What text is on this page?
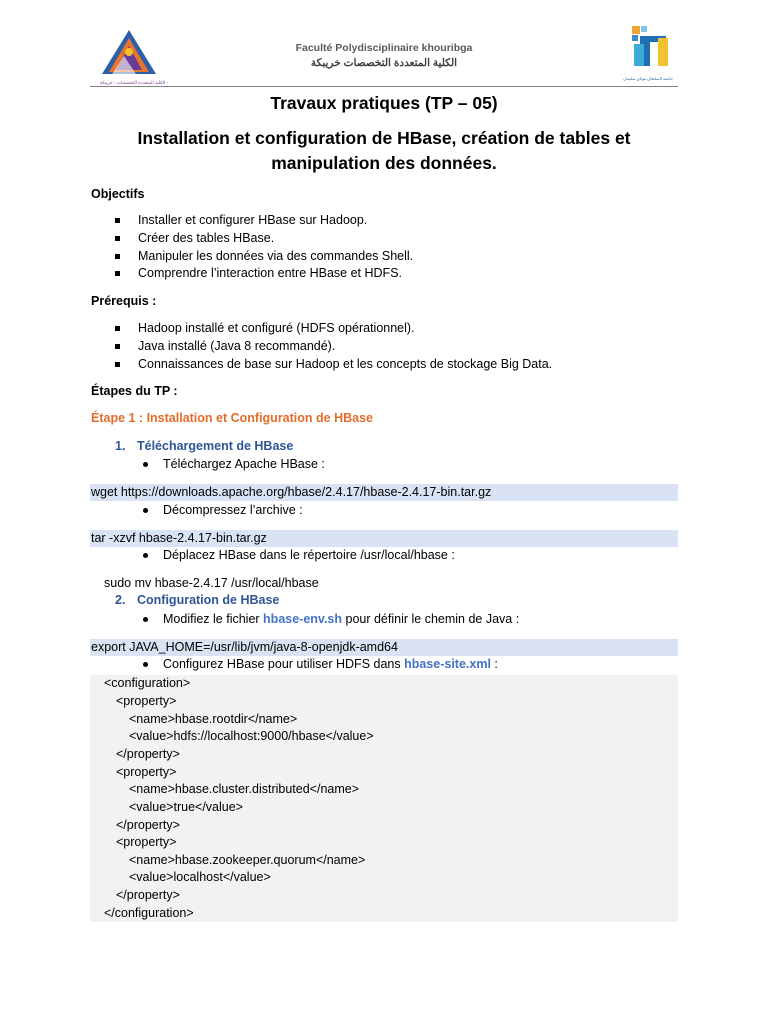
الكلية المتعددة التخصصات - خريبكة -
Faculté Polydisciplinaire khouribga
الكلية المتعددة التخصصات خريبكة
جامعة السلطان مولاي سليمان
Travaux pratiques (TP – 05)
Installation et configuration de HBase, création de tables et
manipulation des données.
Objectifs
Installer et configurer HBase sur Hadoop.
Créer des tables HBase.
Manipuler les données via des commandes Shell.
Comprendre l’interaction entre HBase et HDFS.
Prérequis :
Hadoop installé et configuré (HDFS opérationnel).
Java installé (Java 8 recommandé).
Connaissances de base sur Hadoop et les concepts de stockage Big Data.
Étapes du TP :
Étape 1 : Installation et Configuration de HBase
1. Téléchargement de HBase
Téléchargez Apache HBase :
wget https://downloads.apache.org/hbase/2.4.17/hbase-2.4.17-bin.tar.gz
Décompressez l’archive :
tar -xzvf hbase-2.4.17-bin.tar.gz
Déplacez HBase dans le répertoire /usr/local/hbase :
sudo mv hbase-2.4.17 /usr/local/hbase
2. Configuration de HBase
Modifiez le fichier hbase-env.sh pour définir le chemin de Java :
export JAVA_HOME=/usr/lib/jvm/java-8-openjdk-amd64
Configurez HBase pour utiliser HDFS dans hbase-site.xml :
<configuration>
<property>
<name>hbase.rootdir</name>
<value>hdfs://localhost:9000/hbase</value>
</property>
<property>
<name>hbase.cluster.distributed</name>
<value>true</value>
</property>
<property>
<name>hbase.zookeeper.quorum</name>
<value>localhost</value>
</property>
</configuration>
